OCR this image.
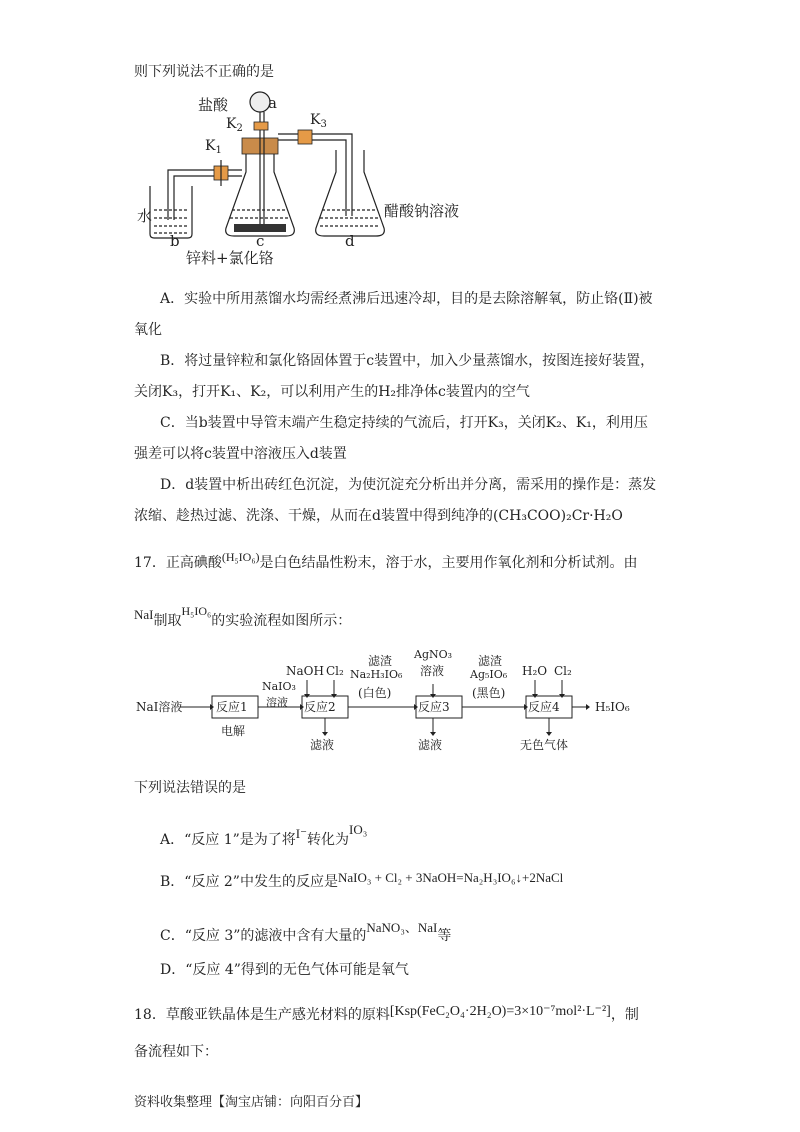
则下列说法不正确的是
盐酸	a
$K_2$
$K_1$
$K_3$
水
b	c	d
醋酸钠溶液
锌料+氯化铬
A．实验中所用蒸馏水均需经煮沸后迅速冷却，目的是去除溶解氧，防止铬(Ⅱ)被
氧化
B．将过量锌粒和氯化铬固体置于c装置中，加入少量蒸馏水，按图连接好装置，
关闭K₃，打开K₁、K₂，可以利用产生的H₂排净体c装置内的空气
C．当b装置中导管末端产生稳定持续的气流后，打开K₃，关闭K₂、K₁，利用压
强差可以将c装置中溶液压入d装置
D．d装置中析出砖红色沉淀，为使沉淀充分析出并分离，需采用的操作是：蒸发
浓缩、趁热过滤、洗涤、干燥，从而在d装置中得到纯净的(CH₃COO)₂Cr·H₂O
17．正高碘酸(H₅IO₆)是白色结晶性粉末，溶于水，主要用作氧化剂和分析试剂。由
NaI制取H₅IO₆的实验流程如图所示：
NaI溶液	反应1
电解
反应2
NaOH Cl₂
NaIO₃
溶液
滤液
滤渣
Na₂H₃IO₆
(白色)
AgNO₃
溶液
反应3
滤液
滤渣
Ag₅IO₆
(黑色)
H₂O Cl₂
反应4
无色气体
H₅IO₆
下列说法错误的是
A．“反应 1”是为了将I⁻转化为IO₃
B．“反应 2”中发生的反应是NaIO₃ + Cl₂ + 3NaOH=Na₂H₃IO₆↓+2NaCl
C．“反应 3”的滤液中含有大量的NaNO₃、NaI等
D．“反应 4”得到的无色气体可能是氧气
18．草酸亚铁晶体是生产感光材料的原料[Ksp(FeC₂O₄·2H₂O)=3×10⁻⁷mol²·L⁻²]，制
备流程如下：
资料收集整理【淘宝店铺：向阳百分百】
